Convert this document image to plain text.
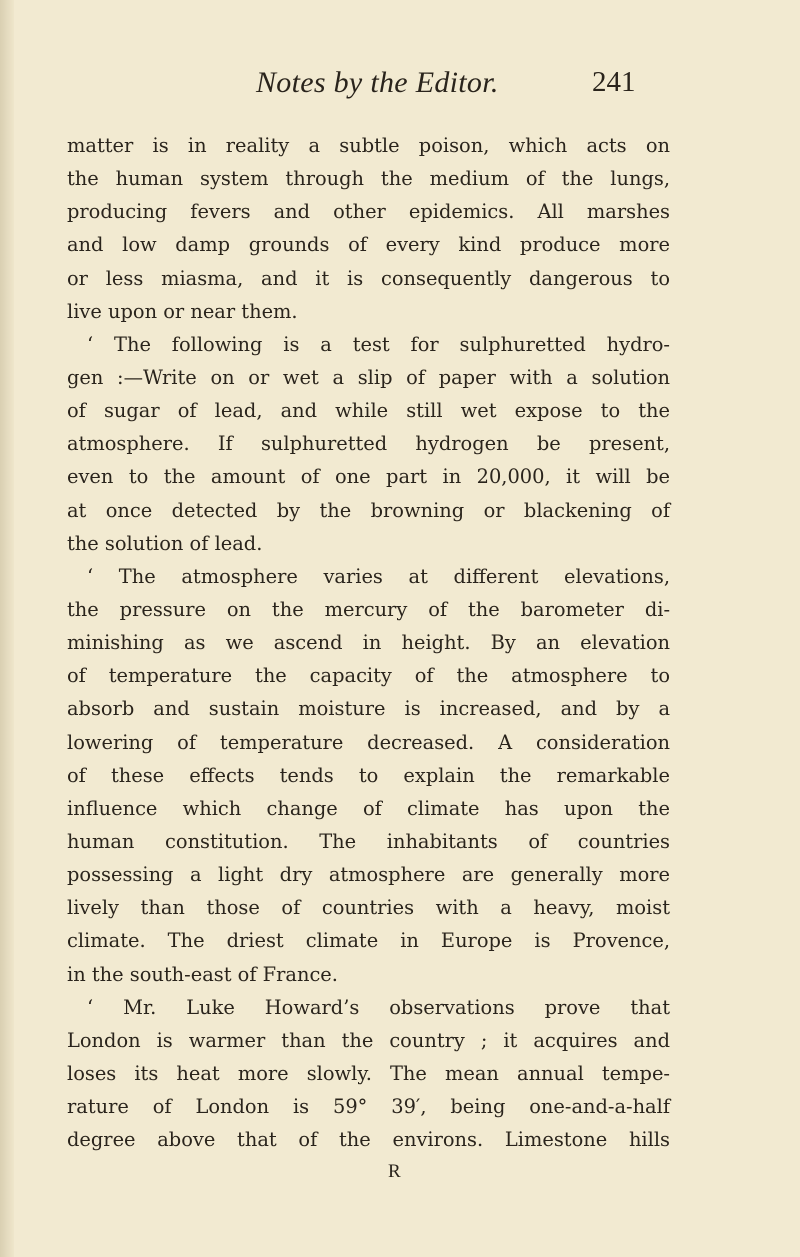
Notes by the Editor.	241
matter is in reality a subtle poison, which acts on
the human system through the medium of the lungs,
producing fevers and other epidemics. All marshes
and low damp grounds of every kind produce more
or less miasma, and it is consequently dangerous to
live upon or near them.
‘ The following is a test for sulphuretted hydro-
gen :—Write on or wet a slip of paper with a solution
of sugar of lead, and while still wet expose to the
atmosphere. If sulphuretted hydrogen be present,
even to the amount of one part in 20,000, it will be
at once detected by the browning or blackening of
the solution of lead.
‘ The atmosphere varies at different elevations,
the pressure on the mercury of the barometer di-
minishing as we ascend in height. By an elevation
of temperature the capacity of the atmosphere to
absorb and sustain moisture is increased, and by a
lowering of temperature decreased. A consideration
of these effects tends to explain the remarkable
influence which change of climate has upon the
human constitution. The inhabitants of countries
possessing a light dry atmosphere are generally more
lively than those of countries with a heavy, moist
climate. The driest climate in Europe is Provence,
in the south-east of France.
‘ Mr. Luke Howard’s observations prove that
London is warmer than the country ; it acquires and
loses its heat more slowly. The mean annual tempe-
rature of London is 59° 39′, being one-and-a-half
degree above that of the environs. Limestone hills
R
